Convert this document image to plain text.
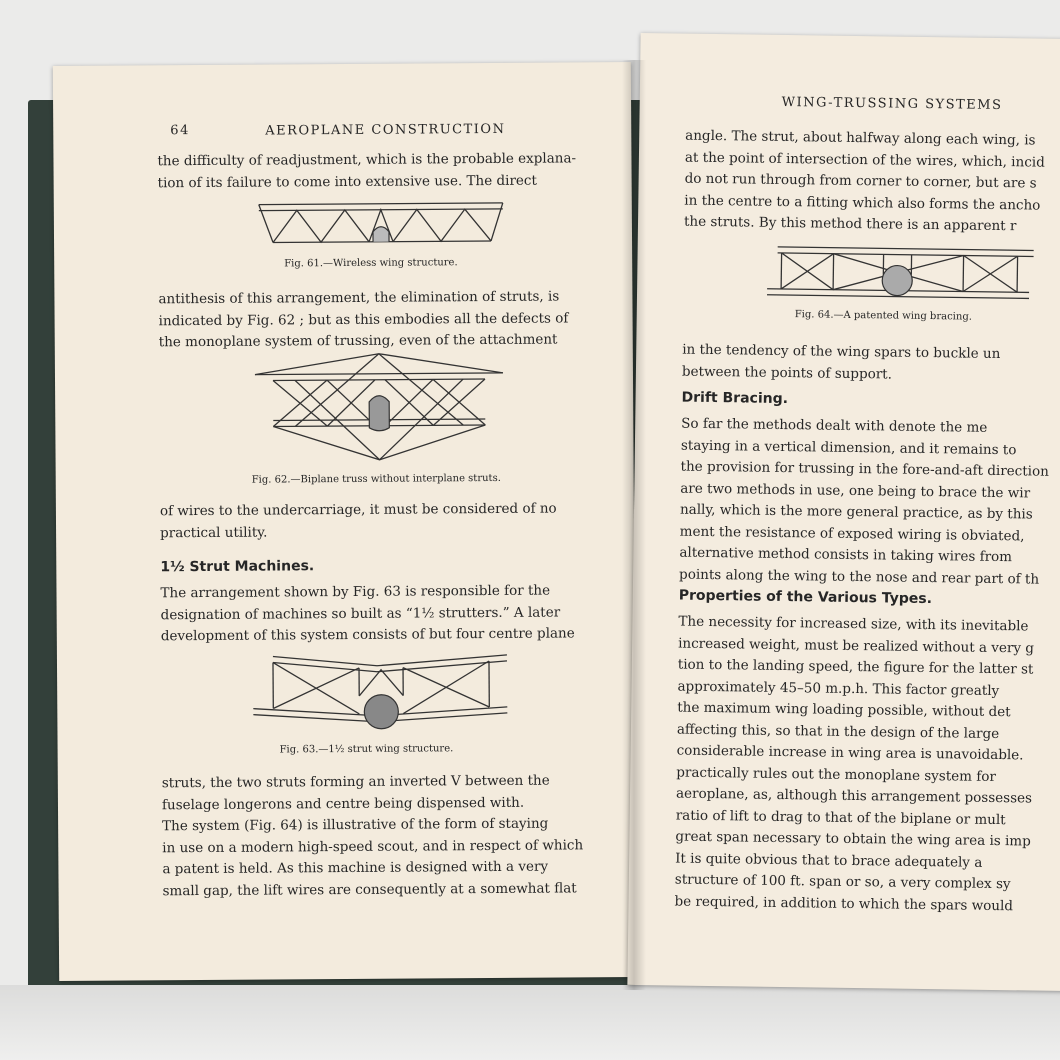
64	AEROPLANE CONSTRUCTION
the difficulty of readjustment, which is the probable explana-
tion of its failure to come into extensive use. The direct
Fig. 61.—Wireless wing structure.
antithesis of this arrangement, the elimination of struts, is
indicated by Fig. 62 ; but as this embodies all the defects of
the monoplane system of trussing, even of the attachment
Fig. 62.—Biplane truss without interplane struts.
of wires to the undercarriage, it must be considered of no
practical utility.
1½ Strut Machines.
The arrangement shown by Fig. 63 is responsible for the
designation of machines so built as “1½ strutters.” A later
development of this system consists of but four centre plane
Fig. 63.—1½ strut wing structure.
struts, the two struts forming an inverted V between the
fuselage longerons and centre being dispensed with.
The system (Fig. 64) is illustrative of the form of staying
in use on a modern high-speed scout, and in respect of which
a patent is held. As this machine is designed with a very
small gap, the lift wires are consequently at a somewhat flat
WING-TRUSSING SYSTEMS
angle. The strut, about halfway along each wing, is
at the point of intersection of the wires, which, incid
do not run through from corner to corner, but are s
in the centre to a fitting which also forms the ancho
the struts. By this method there is an apparent r
Fig. 64.—A patented wing bracing.
in the tendency of the wing spars to buckle un
between the points of support.
Drift Bracing.
So far the methods dealt with denote the me
staying in a vertical dimension, and it remains to
the provision for trussing in the fore-and-aft direction
are two methods in use, one being to brace the wir
nally, which is the more general practice, as by this
ment the resistance of exposed wiring is obviated,
alternative method consists in taking wires from
points along the wing to the nose and rear part of th
Properties of the Various Types.
The necessity for increased size, with its inevitable
increased weight, must be realized without a very g
tion to the landing speed, the figure for the latter st
approximately 45–50 m.p.h. This factor greatly
the maximum wing loading possible, without det
affecting this, so that in the design of the large
considerable increase in wing area is unavoidable.
practically rules out the monoplane system for
aeroplane, as, although this arrangement possesses
ratio of lift to drag to that of the biplane or mult
great span necessary to obtain the wing area is imp
It is quite obvious that to brace adequately a
structure of 100 ft. span or so, a very complex sy
be required, in addition to which the spars would
